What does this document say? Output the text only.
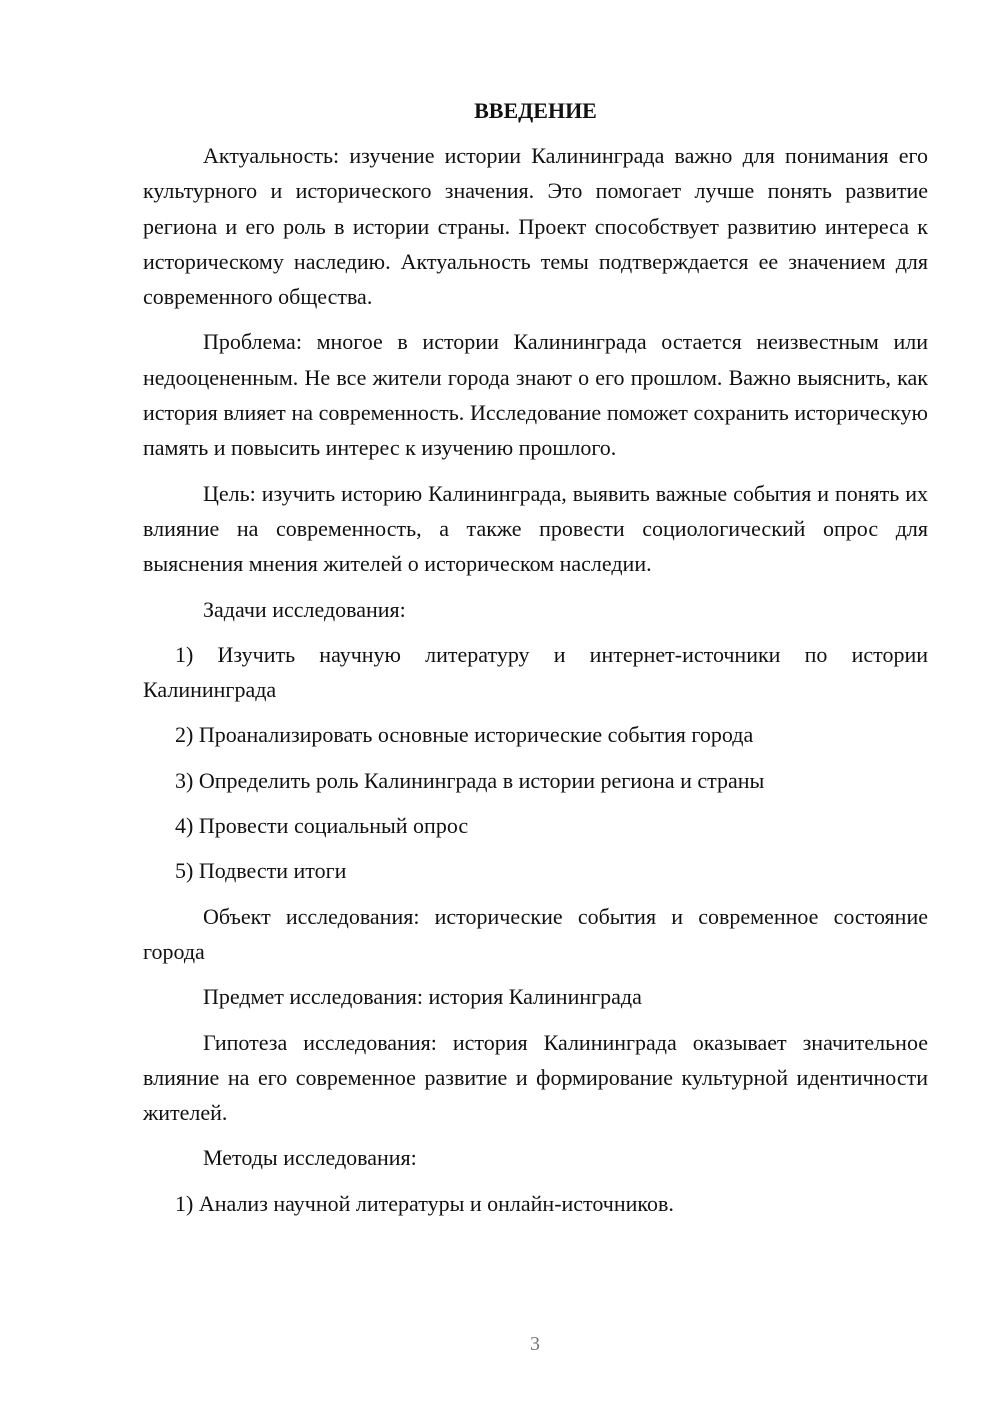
ВВЕДЕНИЕ
Актуальность: изучение истории Калининграда важно для понимания его культурного и исторического значения. Это помогает лучше понять развитие региона и его роль в истории страны. Проект способствует развитию интереса к историческому наследию. Актуальность темы подтверждается ее значением для современного общества.
Проблема: многое в истории Калининграда остается неизвестным или недооцененным. Не все жители города знают о его прошлом. Важно выяснить, как история влияет на современность. Исследование поможет сохранить историческую память и повысить интерес к изучению прошлого.
Цель: изучить историю Калининграда, выявить важные события и понять их влияние на современность, а также провести социологический опрос для выяснения мнения жителей о историческом наследии.
Задачи исследования:
1) Изучить научную литературу и интернет-источники по истории Калининграда
2) Проанализировать основные исторические события города
3) Определить роль Калининграда в истории региона и страны
4) Провести социальный опрос
5) Подвести итоги
Объект исследования: исторические события и современное состояние города
Предмет исследования: история Калининграда
Гипотеза исследования: история Калининграда оказывает значительное влияние на его современное развитие и формирование культурной идентичности жителей.
Методы исследования:
1) Анализ научной литературы и онлайн-источников.
3
